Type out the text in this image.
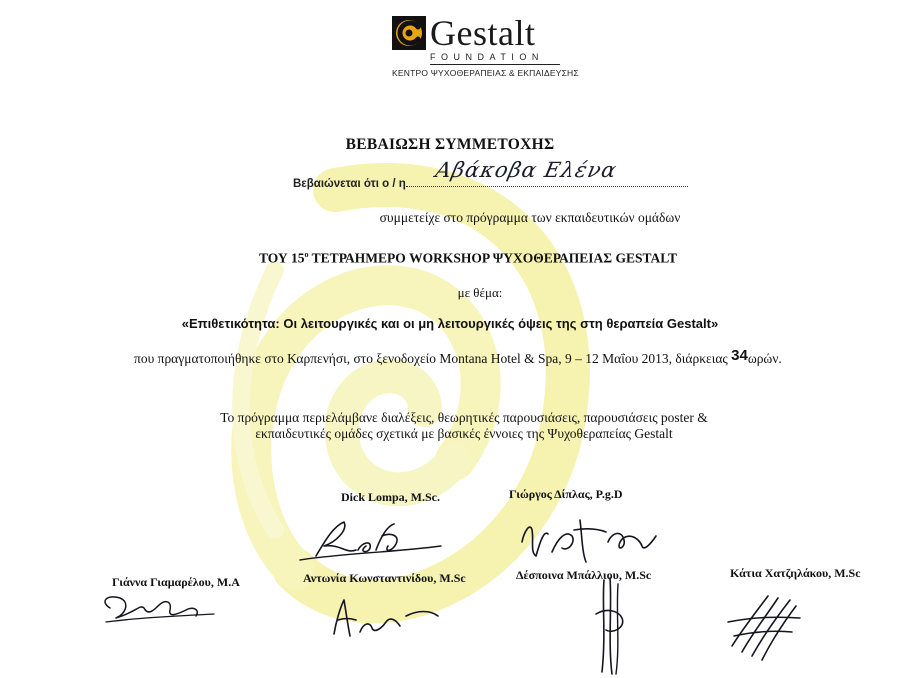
Gestalt
FOUNDATION
ΚΕΝΤΡΟ ΨΥΧΟΘΕΡΑΠΕΙΑΣ & ΕΚΠΑΙΔΕΥΣΗΣ
ΒΕΒΑΙΩΣΗ ΣΥΜΜΕΤΟΧΗΣ
Βεβαιώνεται ότι ο / η
Αβάκοβα Ελένα
συμμετείχε στο πρόγραμμα των εκπαιδευτικών ομάδων
ΤΟΥ $15^o$ ΤΕΤΡΑΗΜΕΡΟ WORKSHOP ΨΥΧΟΘΕΡΑΠΕΙΑΣ GESTALT
με θέμα:
«Επιθετικότητα: Οι λειτουργικές και οι μη λειτουργικές όψεις της στη θεραπεία Gestalt»
που πραγματοποιήθηκε στο Καρπενήσι, στο ξενοδοχείο Montana Hotel & Spa, 9 – 12 Μαΐου 2013, διάρκειας 34ωρών.
Το πρόγραμμα περιελάμβανε διαλέξεις, θεωρητικές παρουσιάσεις, παρουσιάσεις poster &
εκπαιδευτικές ομάδες σχετικά με βασικές έννοιες της Ψυχοθεραπείας Gestalt
Dick Lompa, M.Sc.	Γιώργος Δίπλας, P.g.D
Γιάννα Γιαμαρέλου, Μ.Α	Αντωνία Κωνσταντινίδου, M.Sc	Δέσποινα Μπάλλιου, M.Sc	Κάτια Χατζηλάκου, M.Sc
